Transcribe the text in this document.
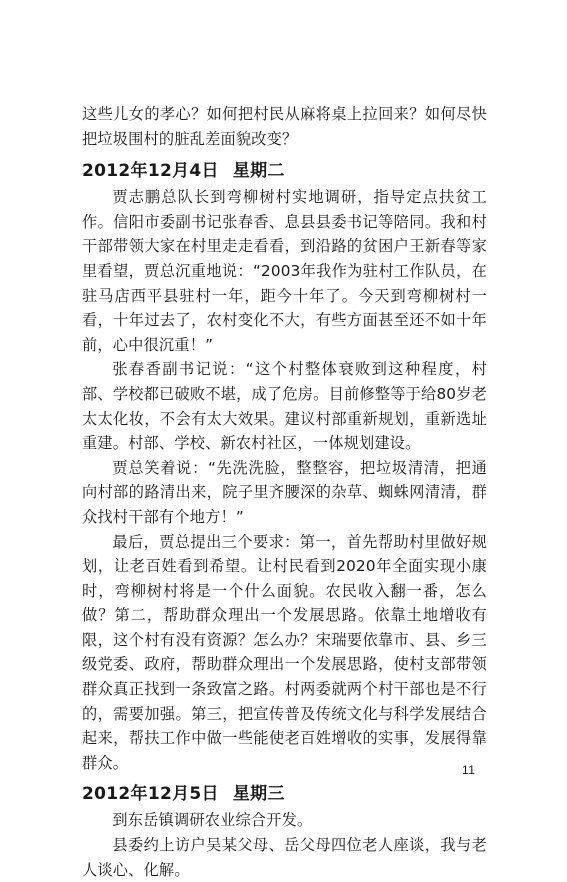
这些儿女的孝心？如何把村民从麻将桌上拉回来？如何尽快把垃圾围村的脏乱差面貌改变？

2012年12月4日 星期二

贾志鹏总队长到弯柳树村实地调研，指导定点扶贫工作。信阳市委副书记张春香、息县县委书记等陪同。我和村干部带领大家在村里走走看看，到沿路的贫困户王新春等家里看望，贾总沉重地说：“2003年我作为驻村工作队员，在驻马店西平县驻村一年，距今十年了。今天到弯柳树村一看，十年过去了，农村变化不大，有些方面甚至还不如十年前，心中很沉重！”

张春香副书记说：“这个村整体衰败到这种程度，村部、学校都已破败不堪，成了危房。目前修整等于给80岁老太太化妆，不会有太大效果。建议村部重新规划，重新选址重建。村部、学校、新农村社区，一体规划建设。

贾总笑着说：“先洗洗脸，整整容，把垃圾清清，把通向村部的路清出来，院子里齐腰深的杂草、蜘蛛网清清，群众找村干部有个地方！”

最后，贾总提出三个要求：第一，首先帮助村里做好规划，让老百姓看到希望。让村民看到2020年全面实现小康时，弯柳树村将是一个什么面貌。农民收入翻一番，怎么做？第二，帮助群众理出一个发展思路。依靠土地增收有限，这个村有没有资源？怎么办？宋瑞要依靠市、县、乡三级党委、政府，帮助群众理出一个发展思路，使村支部带领群众真正找到一条致富之路。村两委就两个村干部也是不行的，需要加强。第三，把宣传普及传统文化与科学发展结合起来，帮扶工作中做一些能使老百姓增收的实事，发展得靠群众。

2012年12月5日 星期三

到东岳镇调研农业综合开发。

县委约上访户吴某父母、岳父母四位老人座谈，我与老人谈心、化解。

11
